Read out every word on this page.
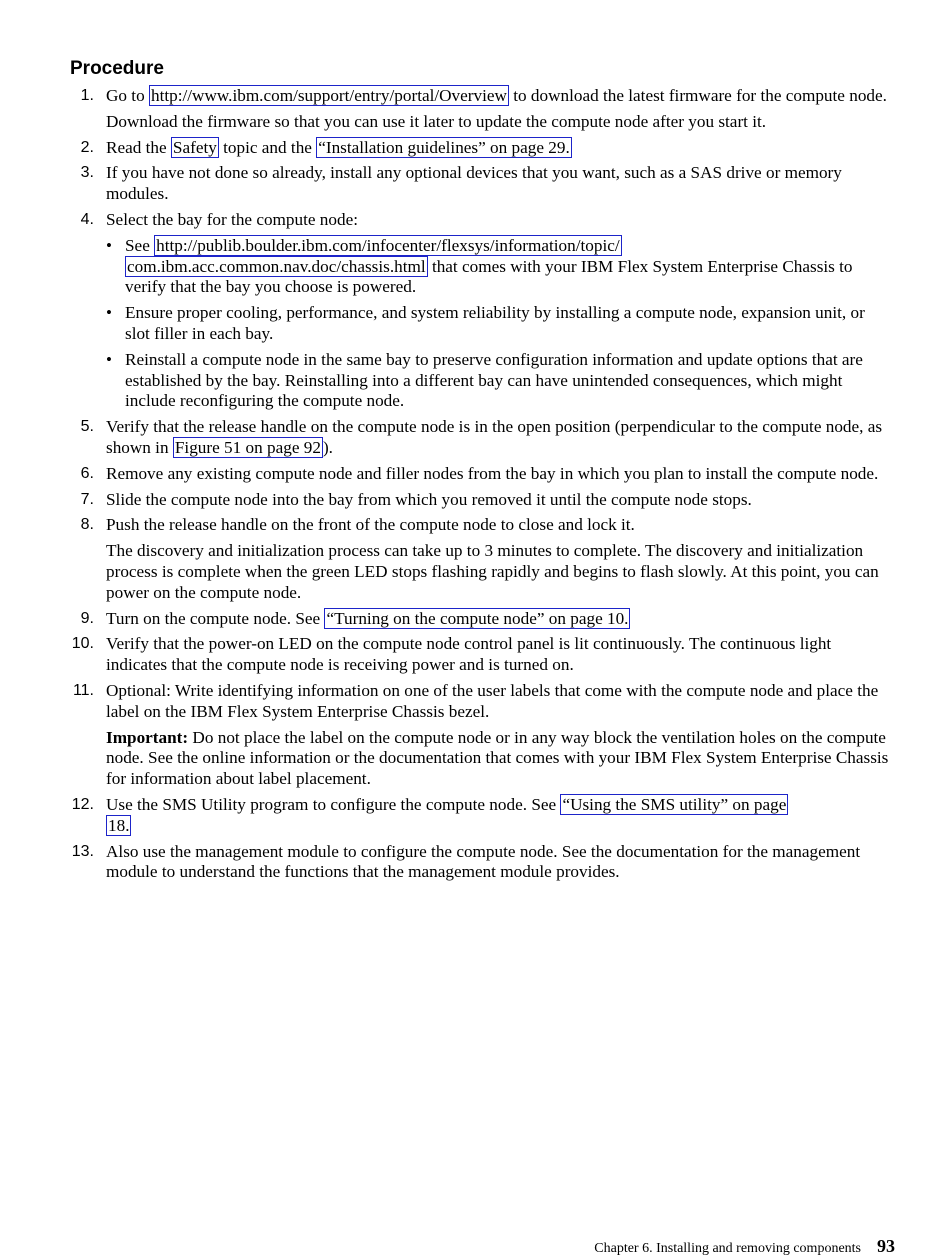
Procedure
1. Go to http://www.ibm.com/support/entry/portal/Overview to download the latest firmware for the compute node.

Download the firmware so that you can use it later to update the compute node after you start it.

2. Read the Safety topic and the “Installation guidelines” on page 29.

3. If you have not done so already, install any optional devices that you want, such as a SAS drive or memory modules.

4. Select the bay for the compute node:

• See http://publib.boulder.ibm.com/infocenter/flexsys/information/topic/
com.ibm.acc.common.nav.doc/chassis.html that comes with your IBM Flex System Enterprise Chassis to verify that the bay you choose is powered.

• Ensure proper cooling, performance, and system reliability by installing a compute node, expansion unit, or slot filler in each bay.

• Reinstall a compute node in the same bay to preserve configuration information and update options that are established by the bay. Reinstalling into a different bay can have unintended consequences, which might include reconfiguring the compute node.

5. Verify that the release handle on the compute node is in the open position (perpendicular to the compute node, as shown in Figure 51 on page 92 ).

6. Remove any existing compute node and filler nodes from the bay in which you plan to install the compute node.

7. Slide the compute node into the bay from which you removed it until the compute node stops.

8. Push the release handle on the front of the compute node to close and lock it.

The discovery and initialization process can take up to 3 minutes to complete. The discovery and initialization process is complete when the green LED stops flashing rapidly and begins to flash slowly. At this point, you can power on the compute node.

9. Turn on the compute node. See “Turning on the compute node” on page 10.

10. Verify that the power-on LED on the compute node control panel is lit continuously. The continuous light indicates that the compute node is receiving power and is turned on.

11. Optional: Write identifying information on one of the user labels that come with the compute node and place the label on the IBM Flex System Enterprise Chassis bezel.

Important: Do not place the label on the compute node or in any way block the ventilation holes on the compute node. See the online information or the documentation that comes with your IBM Flex System Enterprise Chassis for information about label placement.

12. Use the SMS Utility program to configure the compute node. See “Using the SMS utility” on page
18.

13. Also use the management module to configure the compute node. See the documentation for the management module to understand the functions that the management module provides.

Chapter 6. Installing and removing components 93
